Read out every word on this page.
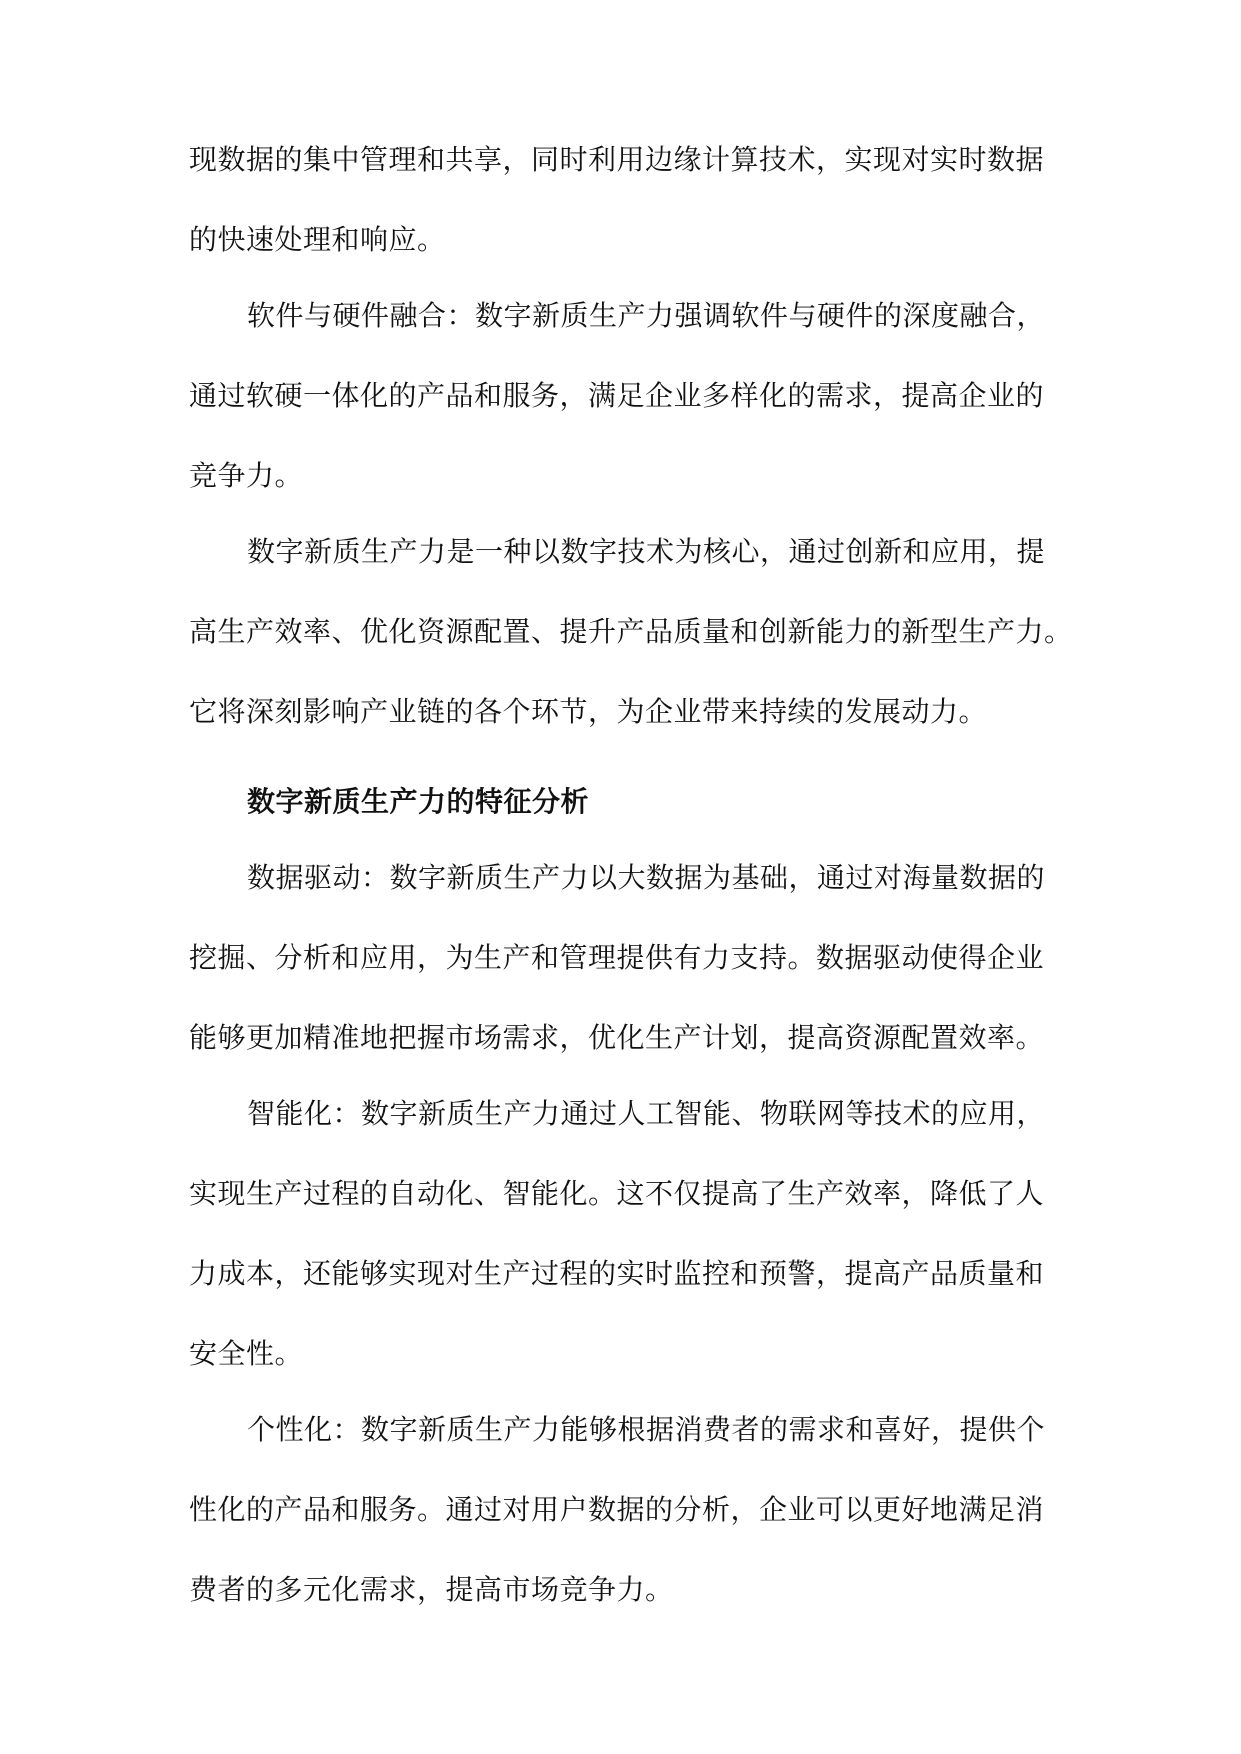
现数据的集中管理和共享，同时利用边缘计算技术，实现对实时数据
的快速处理和响应。
软件与硬件融合：数字新质生产力强调软件与硬件的深度融合，
通过软硬一体化的产品和服务，满足企业多样化的需求，提高企业的
竞争力。
数字新质生产力是一种以数字技术为核心，通过创新和应用，提
高生产效率、优化资源配置、提升产品质量和创新能力的新型生产力。
它将深刻影响产业链的各个环节，为企业带来持续的发展动力。
数字新质生产力的特征分析
数据驱动：数字新质生产力以大数据为基础，通过对海量数据的
挖掘、分析和应用，为生产和管理提供有力支持。数据驱动使得企业
能够更加精准地把握市场需求，优化生产计划，提高资源配置效率。
智能化：数字新质生产力通过人工智能、物联网等技术的应用，
实现生产过程的自动化、智能化。这不仅提高了生产效率，降低了人
力成本，还能够实现对生产过程的实时监控和预警，提高产品质量和
安全性。
个性化：数字新质生产力能够根据消费者的需求和喜好，提供个
性化的产品和服务。通过对用户数据的分析，企业可以更好地满足消
费者的多元化需求，提高市场竞争力。
